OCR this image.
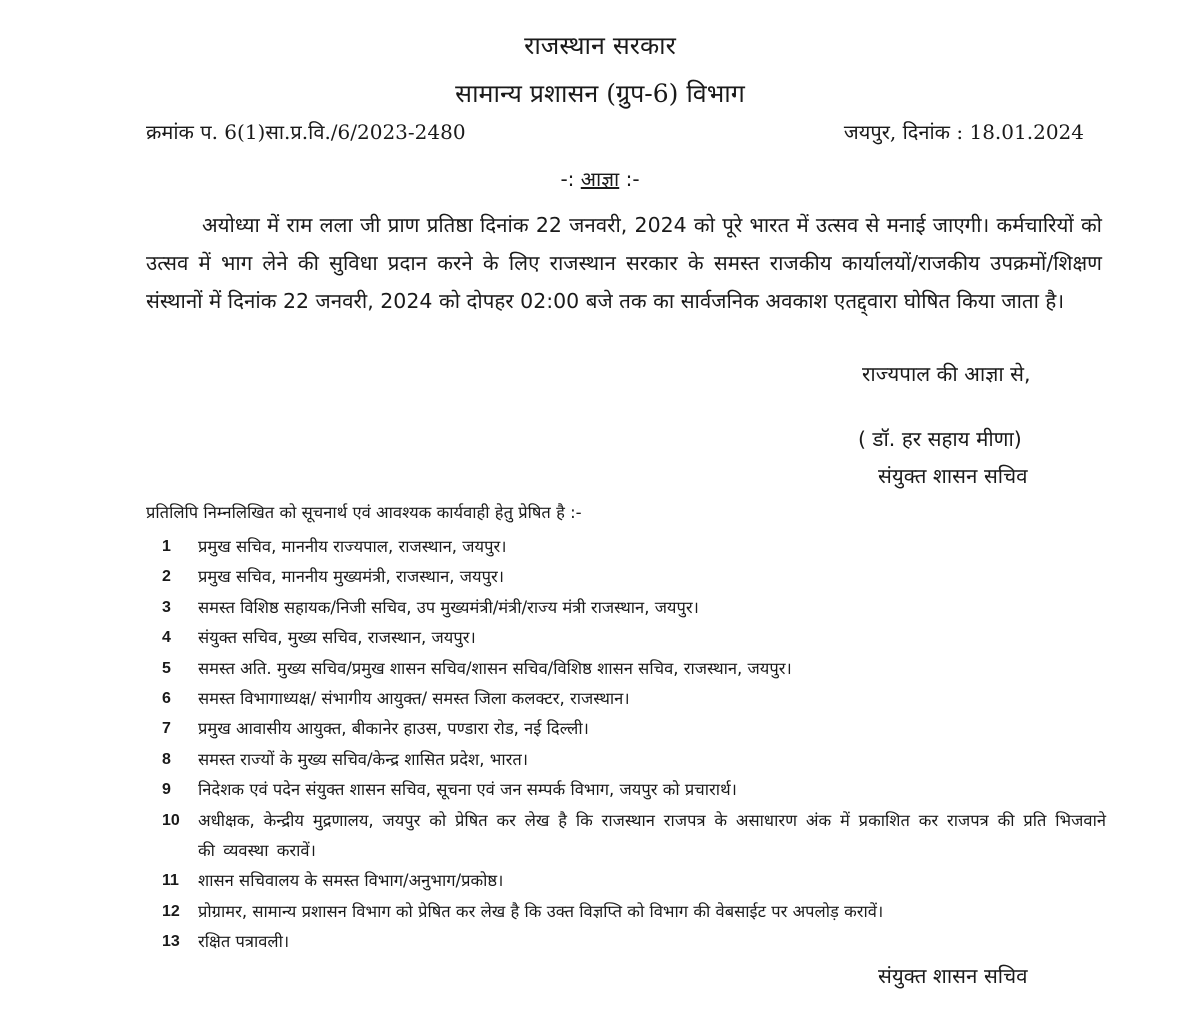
राजस्थान सरकार
सामान्य प्रशासन (ग्रुप-6) विभाग
क्रमांक प. 6(1)सा.प्र.वि./6/2023-2480	जयपुर, दिनांक : 18.01.2024
-: आज्ञा :-

अयोध्या में राम लला जी प्राण प्रतिष्ठा दिनांक 22 जनवरी, 2024 को पूरे भारत में उत्सव से मनाई जाएगी। कर्मचारियों को उत्सव में भाग लेने की सुविधा प्रदान करने के लिए राजस्थान सरकार के समस्त राजकीय कार्यालयों/राजकीय उपक्रमों/शिक्षण संस्थानों में दिनांक 22 जनवरी, 2024 को दोपहर 02:00 बजे तक का सार्वजनिक अवकाश एतद्द्वारा घोषित किया जाता है।

राज्यपाल की आज्ञा से,
( डॉ. हर सहाय मीणा)
संयुक्त शासन सचिव
प्रतिलिपि निम्नलिखित को सूचनार्थ एवं आवश्यक कार्यवाही हेतु प्रेषित है :-
1 प्रमुख सचिव, माननीय राज्यपाल, राजस्थान, जयपुर।
2 प्रमुख सचिव, माननीय मुख्यमंत्री, राजस्थान, जयपुर।
3 समस्त विशिष्ठ सहायक/निजी सचिव, उप मुख्यमंत्री/मंत्री/राज्य मंत्री राजस्थान, जयपुर।
4 संयुक्त सचिव, मुख्य सचिव, राजस्थान, जयपुर।
5 समस्त अति. मुख्य सचिव/प्रमुख शासन सचिव/शासन सचिव/विशिष्ठ शासन सचिव, राजस्थान, जयपुर।
6 समस्त विभागाध्यक्ष/ संभागीय आयुक्त/ समस्त जिला कलक्टर, राजस्थान।
7 प्रमुख आवासीय आयुक्त, बीकानेर हाउस, पण्डारा रोड, नई दिल्ली।
8 समस्त राज्यों के मुख्य सचिव/केन्द्र शासित प्रदेश, भारत।
9 निदेशक एवं पदेन संयुक्त शासन सचिव, सूचना एवं जन सम्पर्क विभाग, जयपुर को प्रचारार्थ।
10 अधीक्षक, केन्द्रीय मुद्रणालय, जयपुर को प्रेषित कर लेख है कि राजस्थान राजपत्र के असाधारण अंक में प्रकाशित कर राजपत्र की प्रति भिजवाने की व्यवस्था करावें।
11 शासन सचिवालय के समस्त विभाग/अनुभाग/प्रकोष्ठ।
12 प्रोग्रामर, सामान्य प्रशासन विभाग को प्रेषित कर लेख है कि उक्त विज्ञप्ति को विभाग की वेबसाईट पर अपलोड़ करावें।
13 रक्षित पत्रावली।
संयुक्त शासन सचिव
